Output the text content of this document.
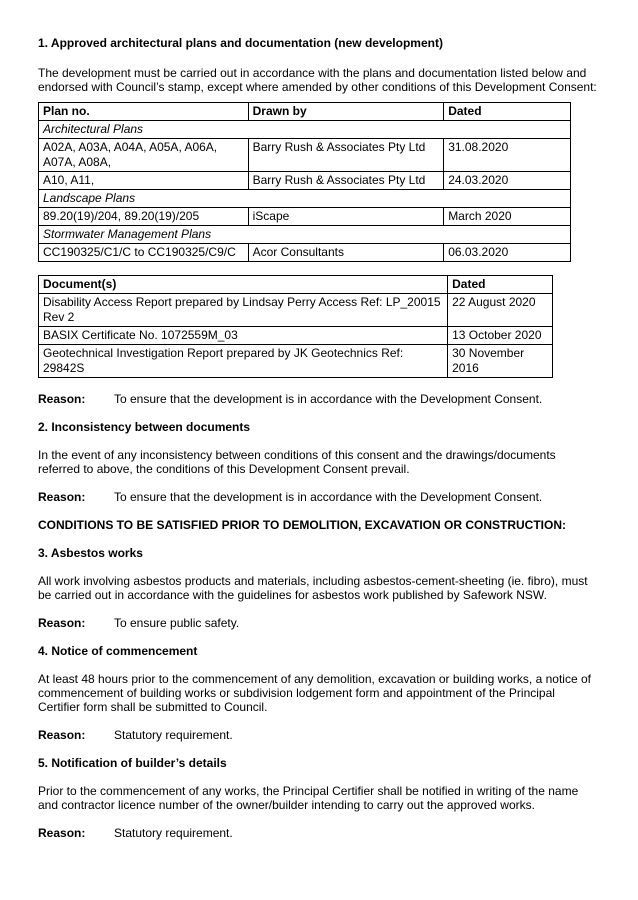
1. Approved architectural plans and documentation (new development)

The development must be carried out in accordance with the plans and documentation listed below and endorsed with Council’s stamp, except where amended by other conditions of this Development Consent:

Plan no.	Drawn by	Dated
Architectural Plans		
A02A, A03A, A04A, A05A, A06A, A07A, A08A,	Barry Rush & Associates Pty Ltd	31.08.2020
A10, A11,	Barry Rush & Associates Pty Ltd	24.03.2020
Landscape Plans		
89.20(19)/204, 89.20(19)/205	iScape	March 2020
Stormwater Management Plans		
CC190325/C1/C to CC190325/C9/C	Acor Consultants	06.03.2020
Document(s)	Dated
Disability Access Report prepared by Lindsay Perry Access Ref: LP_20015 Rev 2	22 August 2020
BASIX Certificate No. 1072559M_03	13 October 2020
Geotechnical Investigation Report prepared by JK Geotechnics Ref: 29842S	30 November 2016
Reason:	To ensure that the development is in accordance with the Development Consent.

2. Inconsistency between documents

In the event of any inconsistency between conditions of this consent and the drawings/documents referred to above, the conditions of this Development Consent prevail.

Reason:	To ensure that the development is in accordance with the Development Consent.

CONDITIONS TO BE SATISFIED PRIOR TO DEMOLITION, EXCAVATION OR CONSTRUCTION:

3. Asbestos works

All work involving asbestos products and materials, including asbestos-cement-sheeting (ie. fibro), must be carried out in accordance with the guidelines for asbestos work published by Safework NSW.

Reason:	To ensure public safety.

4. Notice of commencement

At least 48 hours prior to the commencement of any demolition, excavation or building works, a notice of commencement of building works or subdivision lodgement form and appointment of the Principal Certifier form shall be submitted to Council.

Reason:	Statutory requirement.

5. Notification of builder’s details

Prior to the commencement of any works, the Principal Certifier shall be notified in writing of the name and contractor licence number of the owner/builder intending to carry out the approved works.

Reason:	Statutory requirement.
